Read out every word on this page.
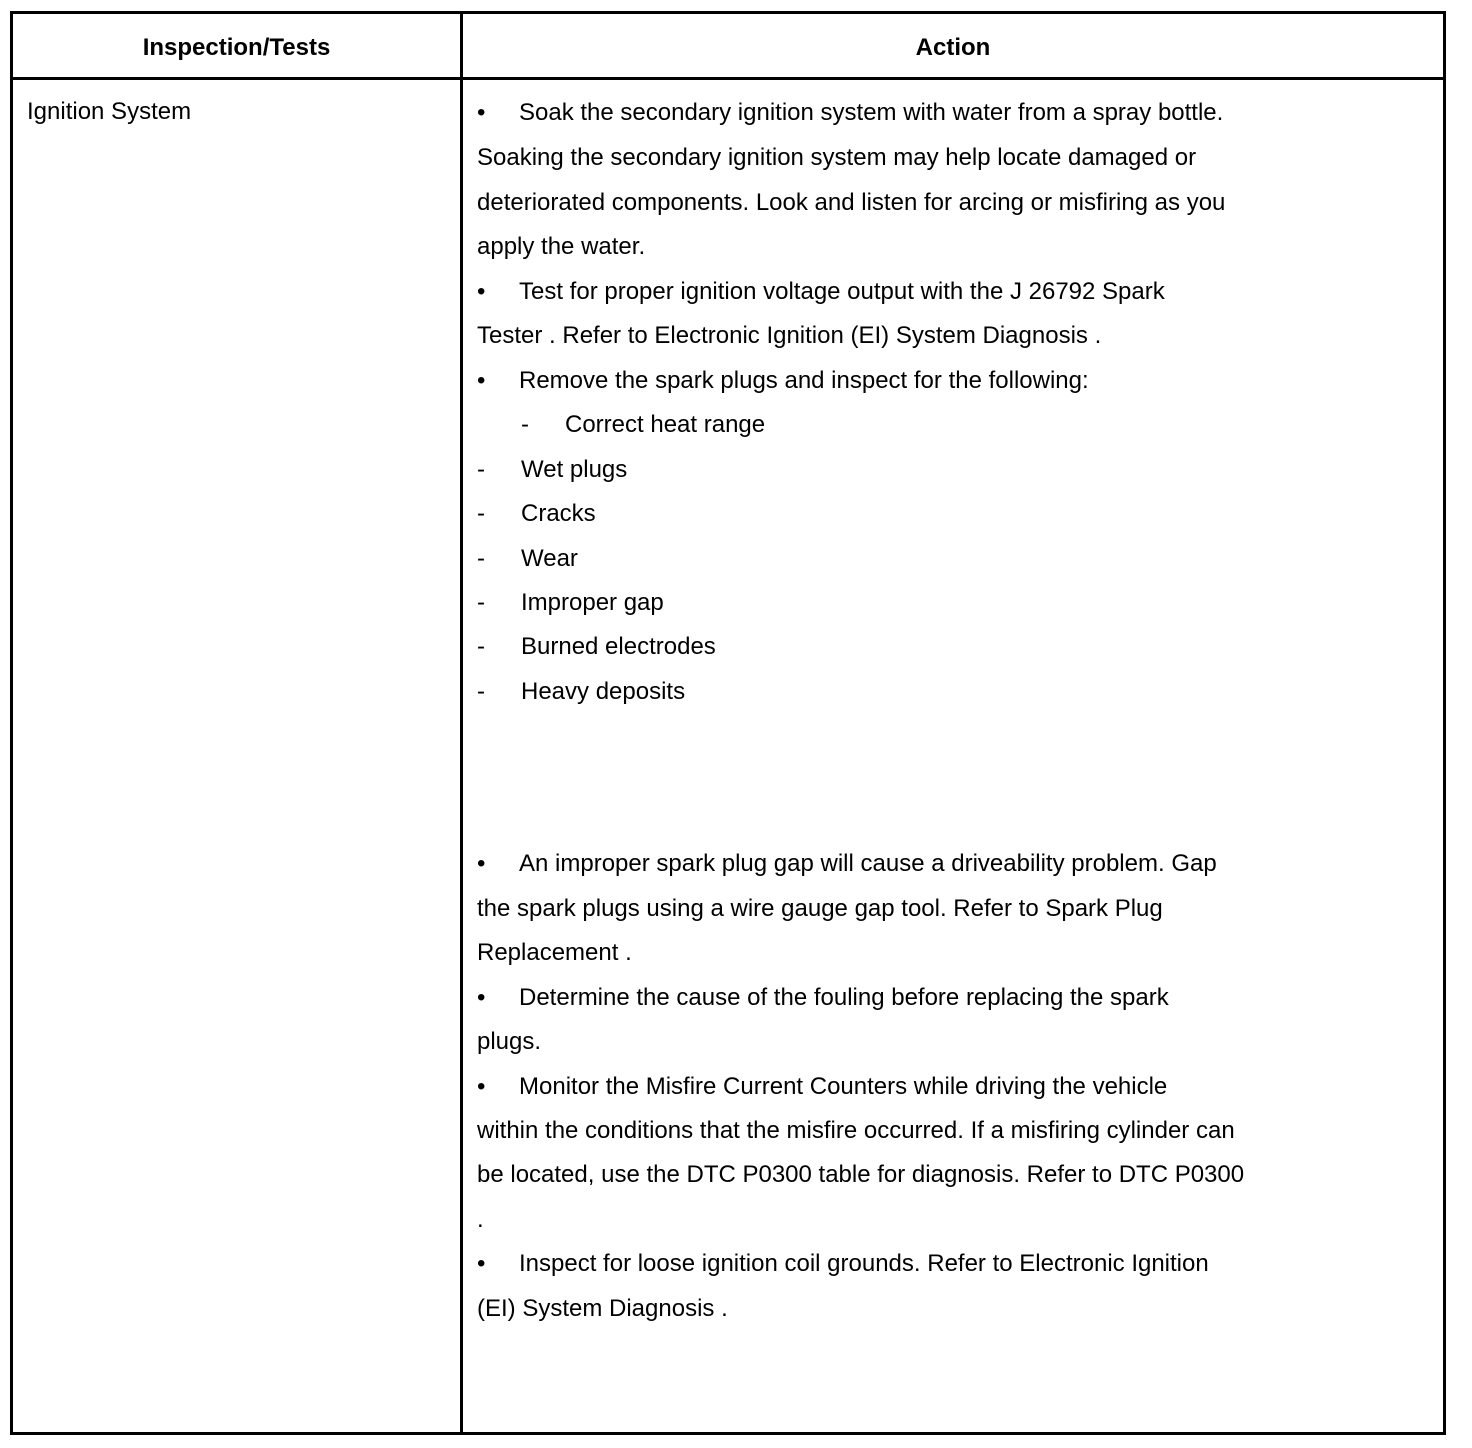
Inspection/Tests	Action
Ignition System	• Soak the secondary ignition system with water from a spray bottle.
Soaking the secondary ignition system may help locate damaged or
deteriorated components. Look and listen for arcing or misfiring as you
apply the water.
• Test for proper ignition voltage output with the J 26792 Spark
Tester . Refer to Electronic Ignition (EI) System Diagnosis .
• Remove the spark plugs and inspect for the following:
- Correct heat range
- Wet plugs
- Cracks
- Wear
- Improper gap
- Burned electrodes
- Heavy deposits
• An improper spark plug gap will cause a driveability problem. Gap
the spark plugs using a wire gauge gap tool. Refer to Spark Plug
Replacement .
• Determine the cause of the fouling before replacing the spark
plugs.
• Monitor the Misfire Current Counters while driving the vehicle
within the conditions that the misfire occurred. If a misfiring cylinder can
be located, use the DTC P0300 table for diagnosis. Refer to DTC P0300
.
• Inspect for loose ignition coil grounds. Refer to Electronic Ignition
(EI) System Diagnosis .
